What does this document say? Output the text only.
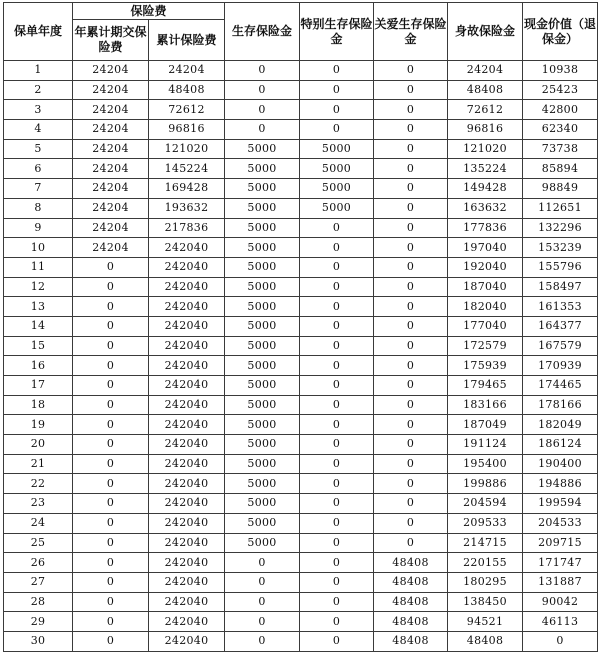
保单年度	保险费		生存保险金	特别生存保险金	关爱生存保险金	身故保险金	现金价值（退保金）
	年累计期交保险费	累计保险费					
1	24204	24204	0	0	0	24204	10938
2	24204	48408	0	0	0	48408	25423
3	24204	72612	0	0	0	72612	42800
4	24204	96816	0	0	0	96816	62340
5	24204	121020	5000	5000	0	121020	73738
6	24204	145224	5000	5000	0	135224	85894
7	24204	169428	5000	5000	0	149428	98849
8	24204	193632	5000	5000	0	163632	112651
9	24204	217836	5000	0	0	177836	132296
10	24204	242040	5000	0	0	197040	153239
11	0	242040	5000	0	0	192040	155796
12	0	242040	5000	0	0	187040	158497
13	0	242040	5000	0	0	182040	161353
14	0	242040	5000	0	0	177040	164377
15	0	242040	5000	0	0	172579	167579
16	0	242040	5000	0	0	175939	170939
17	0	242040	5000	0	0	179465	174465
18	0	242040	5000	0	0	183166	178166
19	0	242040	5000	0	0	187049	182049
20	0	242040	5000	0	0	191124	186124
21	0	242040	5000	0	0	195400	190400
22	0	242040	5000	0	0	199886	194886
23	0	242040	5000	0	0	204594	199594
24	0	242040	5000	0	0	209533	204533
25	0	242040	5000	0	0	214715	209715
26	0	242040	0	0	48408	220155	171747
27	0	242040	0	0	48408	180295	131887
28	0	242040	0	0	48408	138450	90042
29	0	242040	0	0	48408	94521	46113
30	0	242040	0	0	48408	48408	0
